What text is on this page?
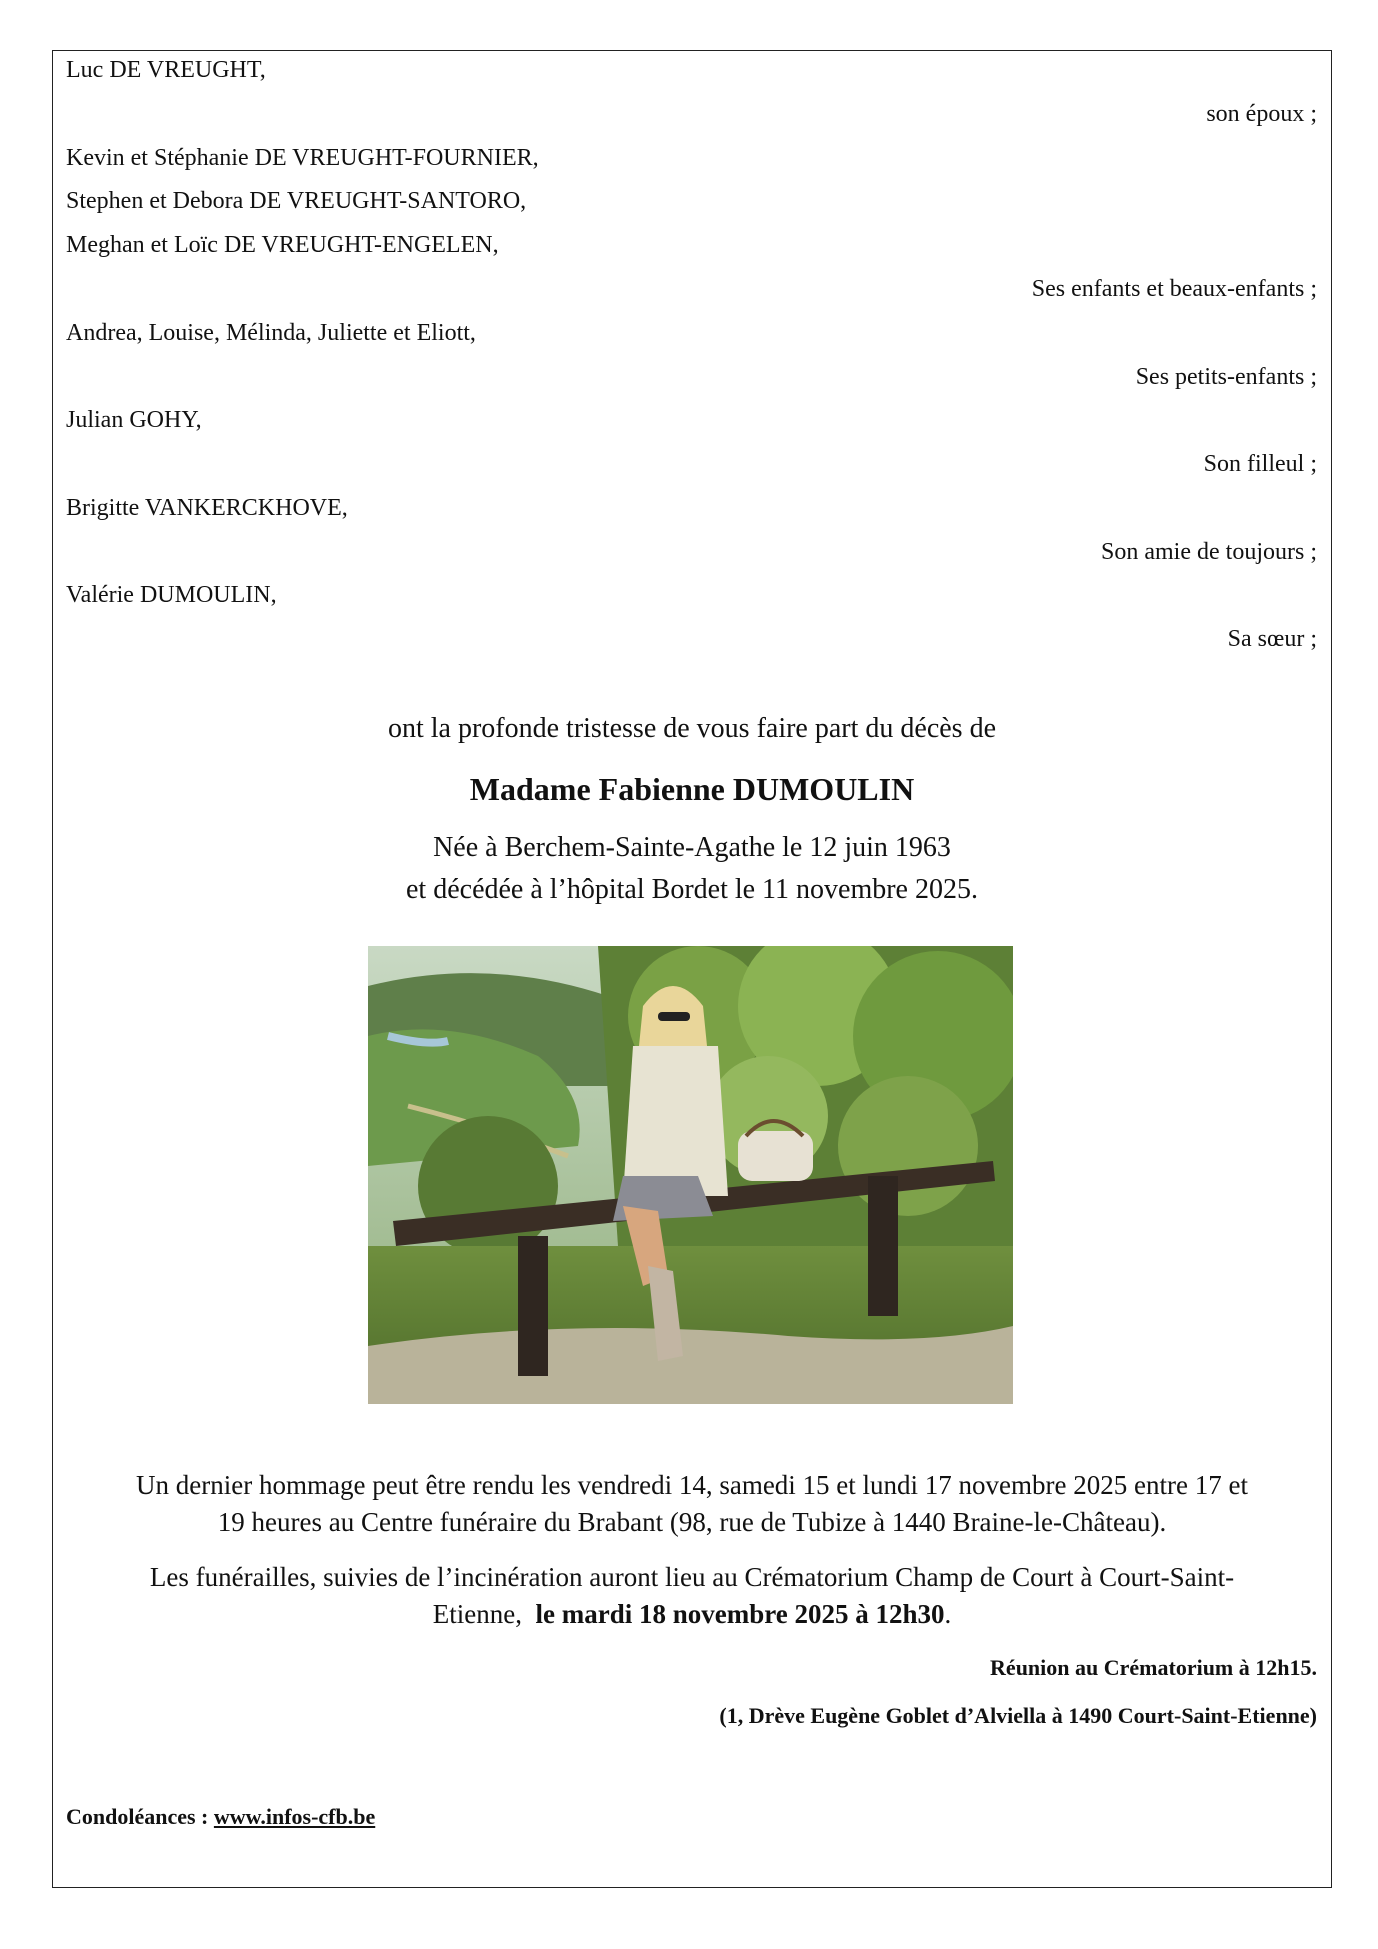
Luc DE VREUGHT,
son époux ;
Kevin et Stéphanie DE VREUGHT-FOURNIER,
Stephen et Debora DE VREUGHT-SANTORO,
Meghan et Loïc DE VREUGHT-ENGELEN,
Ses enfants et beaux-enfants ;
Andrea, Louise, Mélinda, Juliette et Eliott,
Ses petits-enfants ;
Julian GOHY,
Son filleul ;
Brigitte VANKERCKHOVE,
Son amie de toujours ;
Valérie DUMOULIN,
Sa sœur ;
ont la profonde tristesse de vous faire part du décès de
Madame Fabienne DUMOULIN
Née à Berchem-Sainte-Agathe le 12 juin 1963
et décédée à l’hôpital Bordet le 11 novembre 2025.
Un dernier hommage peut être rendu les vendredi 14, samedi 15 et lundi 17 novembre 2025 entre 17 et
19 heures au Centre funéraire du Brabant (98, rue de Tubize à 1440 Braine-le-Château).
Les funérailles, suivies de l’incinération auront lieu au Crématorium Champ de Court à Court-Saint-
Etienne, le mardi 18 novembre 2025 à 12h30.
Réunion au Crématorium à 12h15.
(1, Drève Eugène Goblet d’Alviella à 1490 Court-Saint-Etienne)
Condoléances : www.infos-cfb.be
